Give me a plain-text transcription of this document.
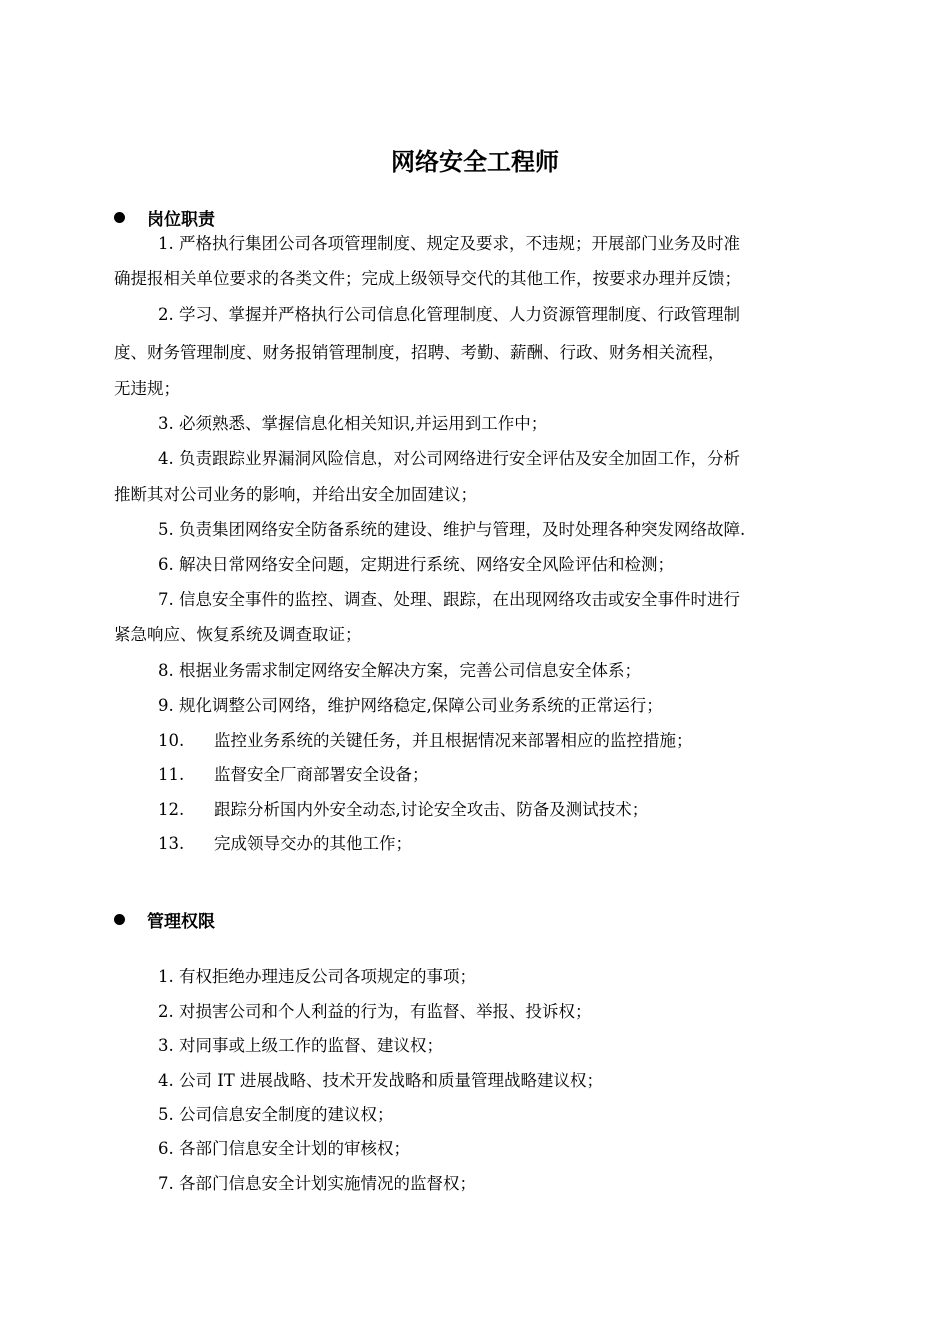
网络安全工程师
岗位职责
1. 严格执行集团公司各项管理制度、规定及要求，不违规；开展部门业务及时准
确提报相关单位要求的各类文件；完成上级领导交代的其他工作，按要求办理并反馈；
2. 学习、掌握并严格执行公司信息化管理制度、人力资源管理制度、行政管理制
度、财务管理制度、财务报销管理制度，招聘、考勤、薪酬、行政、财务相关流程，
无违规；
3. 必须熟悉、掌握信息化相关知识,并运用到工作中；
4. 负责跟踪业界漏洞风险信息，对公司网络进行安全评估及安全加固工作，分析
推断其对公司业务的影响，并给出安全加固建议；
5. 负责集团网络安全防备系统的建设、维护与管理，及时处理各种突发网络故障.
6. 解决日常网络安全问题，定期进行系统、网络安全风险评估和检测；
7. 信息安全事件的监控、调查、处理、跟踪，在出现网络攻击或安全事件时进行
紧急响应、恢复系统及调查取证；
8. 根据业务需求制定网络安全解决方案，完善公司信息安全体系；
9. 规化调整公司网络，维护网络稳定,保障公司业务系统的正常运行；
10. 监控业务系统的关键任务，并且根据情况来部署相应的监控措施；
11. 监督安全厂商部署安全设备；
12. 跟踪分析国内外安全动态,讨论安全攻击、防备及测试技术；
13. 完成领导交办的其他工作；
管理权限
1. 有权拒绝办理违反公司各项规定的事项；
2. 对损害公司和个人利益的行为，有监督、举报、投诉权；
3. 对同事或上级工作的监督、建议权；
4. 公司 IT 进展战略、技术开发战略和质量管理战略建议权；
5. 公司信息安全制度的建议权；
6. 各部门信息安全计划的审核权；
7. 各部门信息安全计划实施情况的监督权；
